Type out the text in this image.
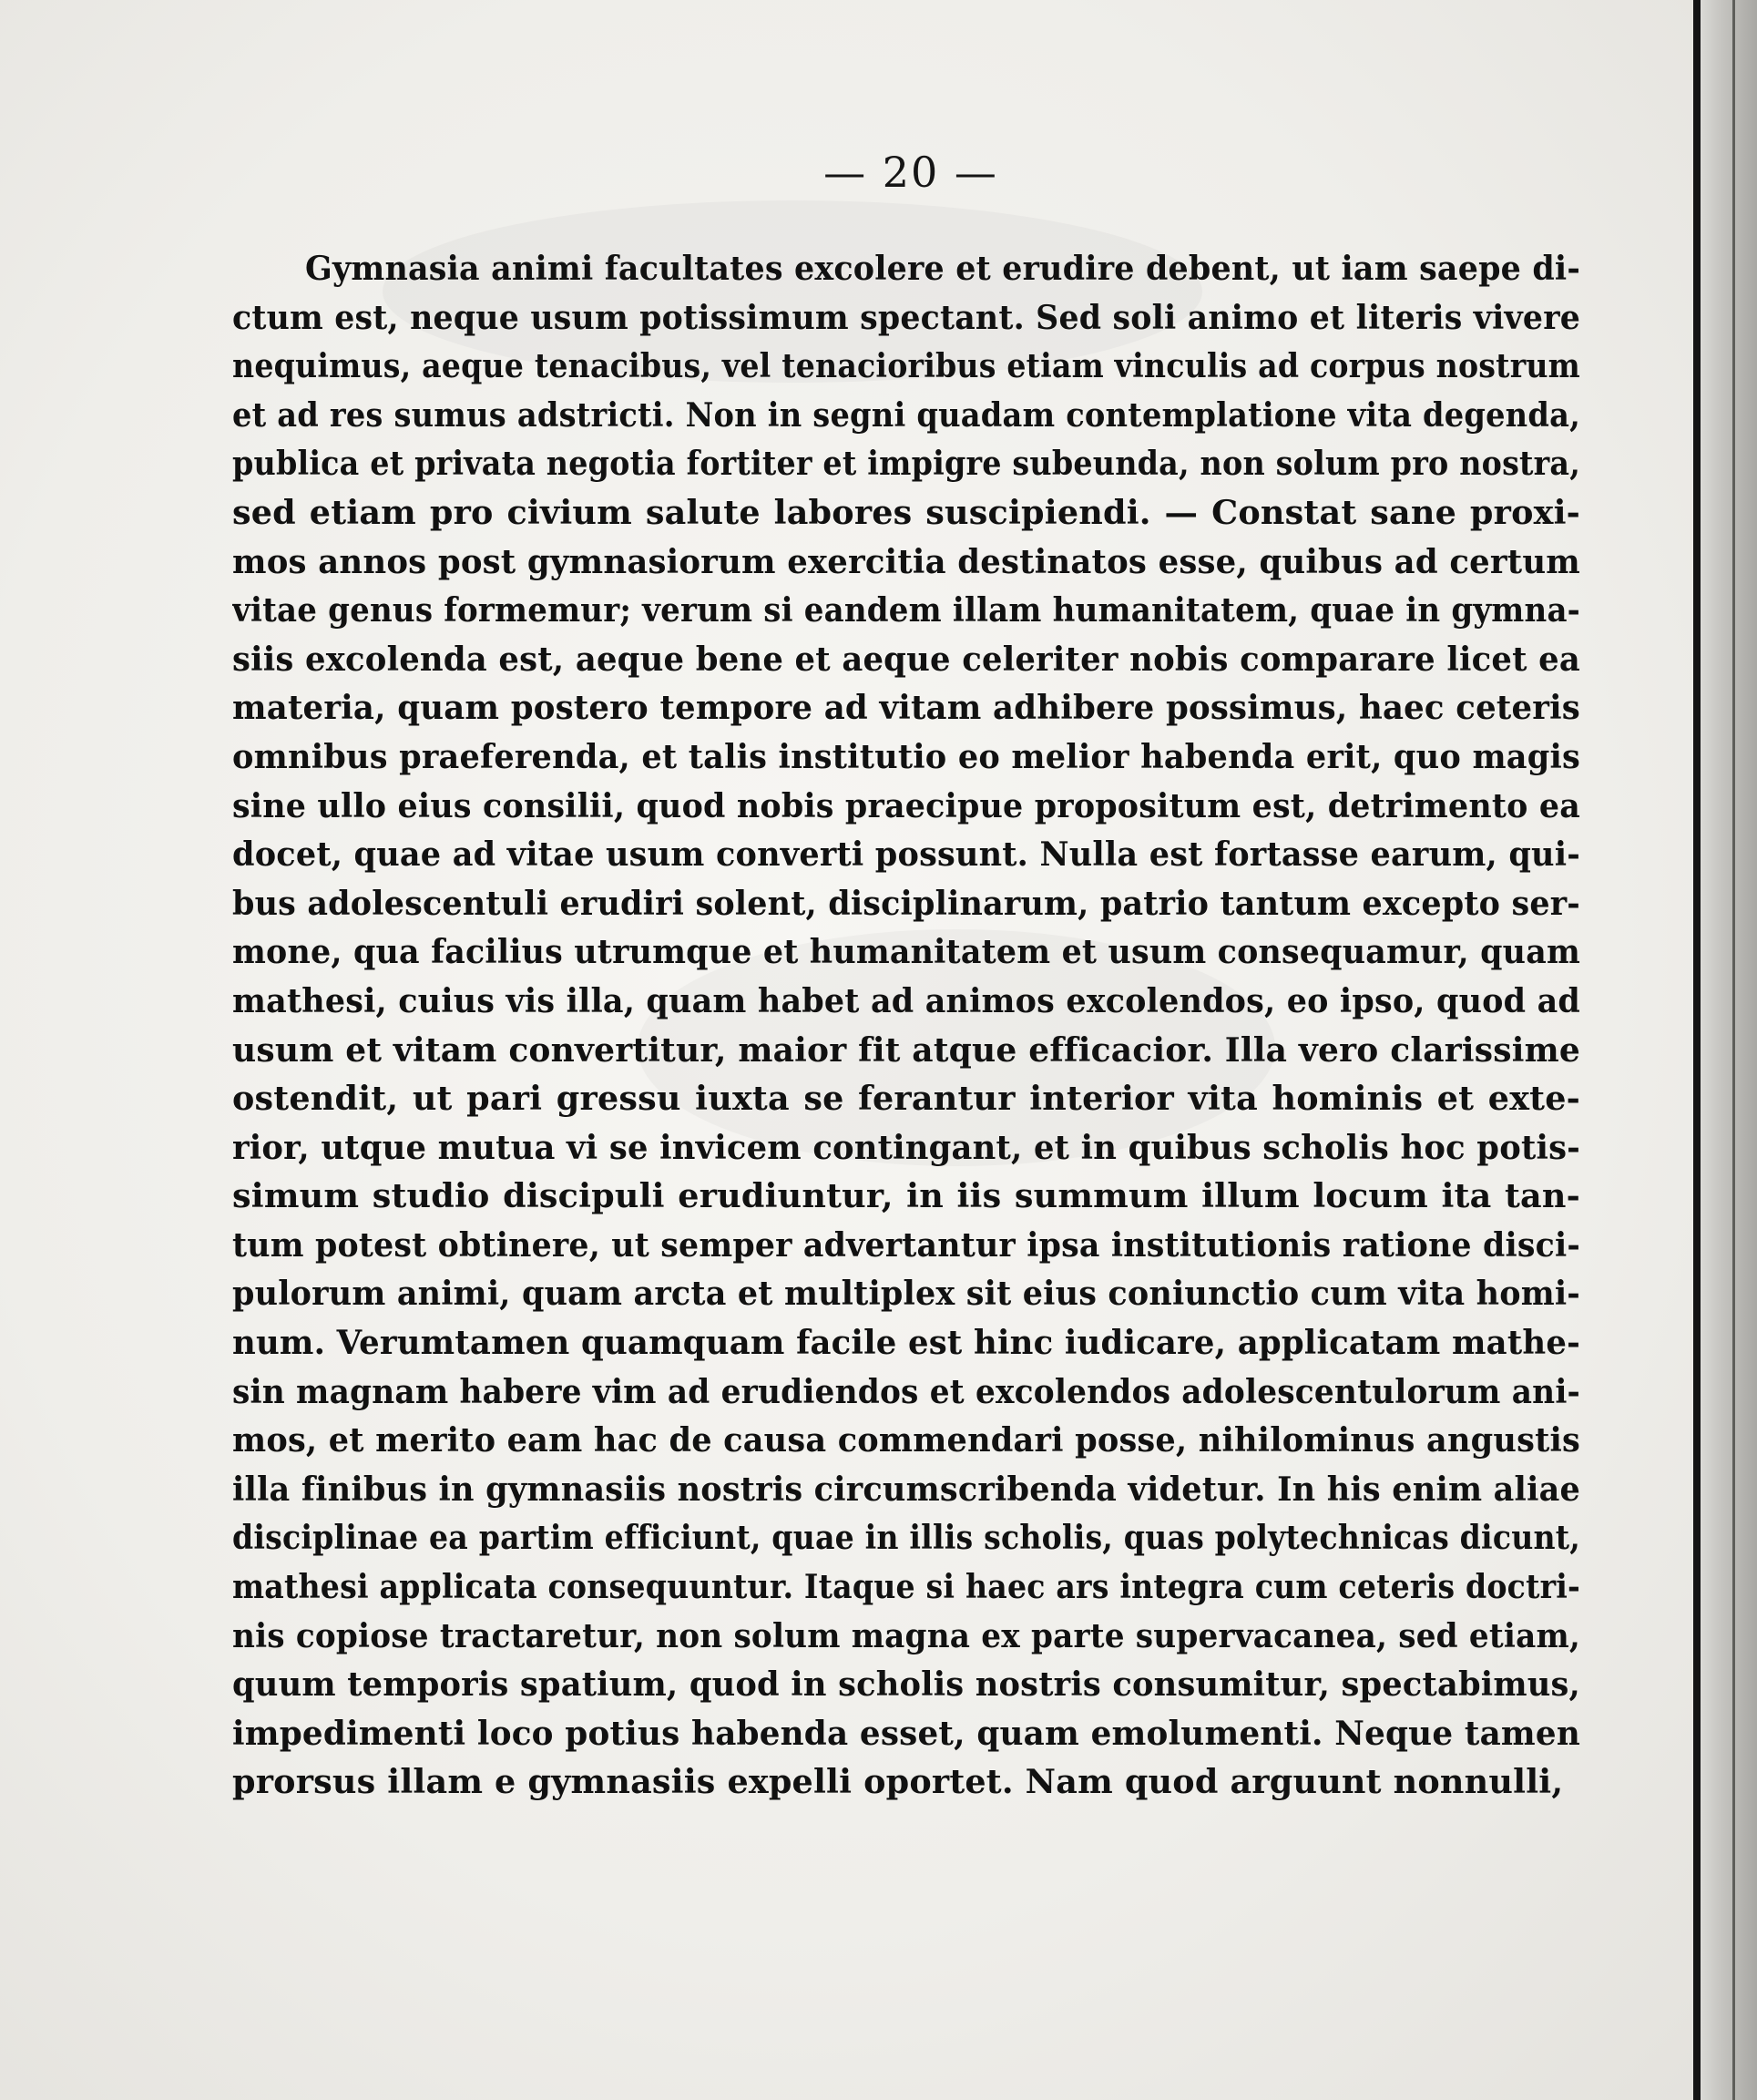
— 20 —
Gymnasia animi facultates excolere et erudire debent, ut iam saepe di-
ctum est, neque usum potissimum spectant. Sed soli animo et literis vivere
nequimus, aeque tenacibus, vel tenacioribus etiam vinculis ad corpus nostrum
et ad res sumus adstricti. Non in segni quadam contemplatione vita degenda,
publica et privata negotia fortiter et impigre subeunda, non solum pro nostra,
sed etiam pro civium salute labores suscipiendi. — Constat sane proxi-
mos annos post gymnasiorum exercitia destinatos esse, quibus ad certum
vitae genus formemur; verum si eandem illam humanitatem, quae in gymna-
siis excolenda est, aeque bene et aeque celeriter nobis comparare licet ea
materia, quam postero tempore ad vitam adhibere possimus, haec ceteris
omnibus praeferenda, et talis institutio eo melior habenda erit, quo magis
sine ullo eius consilii, quod nobis praecipue propositum est, detrimento ea
docet, quae ad vitae usum converti possunt. Nulla est fortasse earum, qui-
bus adolescentuli erudiri solent, disciplinarum, patrio tantum excepto ser-
mone, qua facilius utrumque et humanitatem et usum consequamur, quam
mathesi, cuius vis illa, quam habet ad animos excolendos, eo ipso, quod ad
usum et vitam convertitur, maior fit atque efficacior. Illa vero clarissime
ostendit, ut pari gressu iuxta se ferantur interior vita hominis et exte-
rior, utque mutua vi se invicem contingant, et in quibus scholis hoc potis-
simum studio discipuli erudiuntur, in iis summum illum locum ita tan-
tum potest obtinere, ut semper advertantur ipsa institutionis ratione disci-
pulorum animi, quam arcta et multiplex sit eius coniunctio cum vita homi-
num. Verumtamen quamquam facile est hinc iudicare, applicatam mathe-
sin magnam habere vim ad erudiendos et excolendos adolescentulorum ani-
mos, et merito eam hac de causa commendari posse, nihilominus angustis
illa finibus in gymnasiis nostris circumscribenda videtur. In his enim aliae
disciplinae ea partim efficiunt, quae in illis scholis, quas polytechnicas dicunt,
mathesi applicata consequuntur. Itaque si haec ars integra cum ceteris doctri-
nis copiose tractaretur, non solum magna ex parte supervacanea, sed etiam,
quum temporis spatium, quod in scholis nostris consumitur, spectabimus,
impedimenti loco potius habenda esset, quam emolumenti. Neque tamen
prorsus illam e gymnasiis expelli oportet. Nam quod arguunt nonnulli,
